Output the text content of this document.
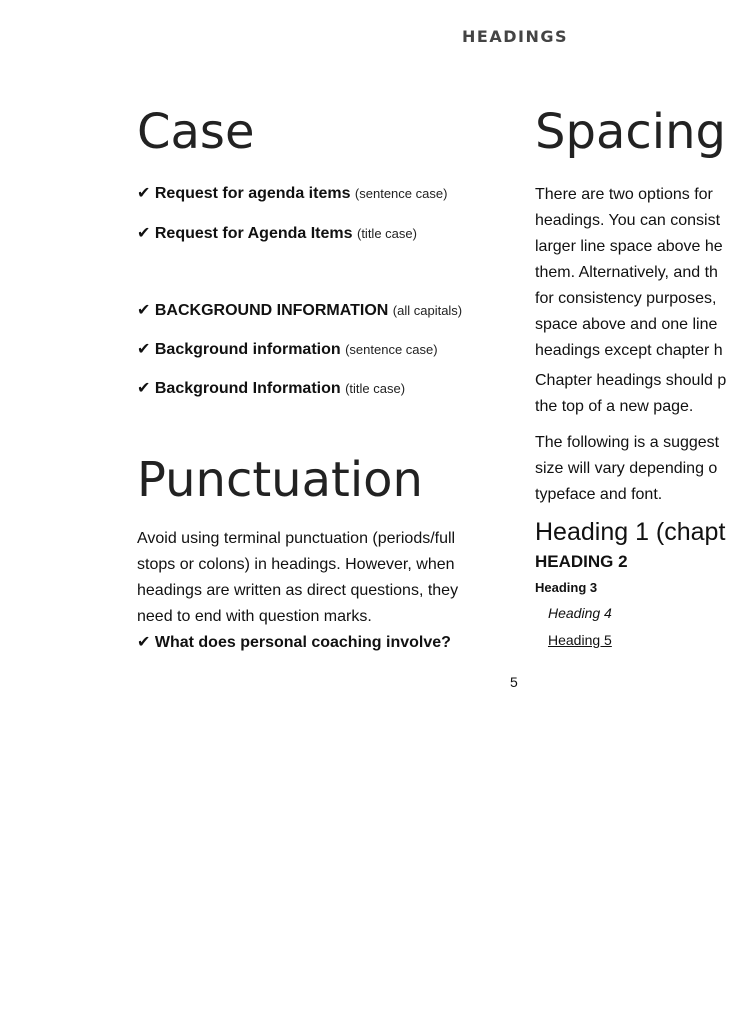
HEADINGS
Case
✔ Request for agenda items (sentence case)
✔ Request for Agenda Items (title case)
✔ BACKGROUND INFORMATION (all capitals)
✔ Background information (sentence case)
✔ Background Information (title case)
Punctuation
Avoid using terminal punctuation (periods/full
stops or colons) in headings. However, when
headings are written as direct questions, they
need to end with question marks.
✔ What does personal coaching involve?
Spacing
There are two options for
headings. You can consist
larger line space above he
them. Alternatively, and th
for consistency purposes,
space above and one line
headings except chapter h
Chapter headings should p
the top of a new page.
The following is a suggest
size will vary depending o
typeface and font.
Heading 1 (chapt
HEADING 2
Heading 3
Heading 4
Heading 5
5
